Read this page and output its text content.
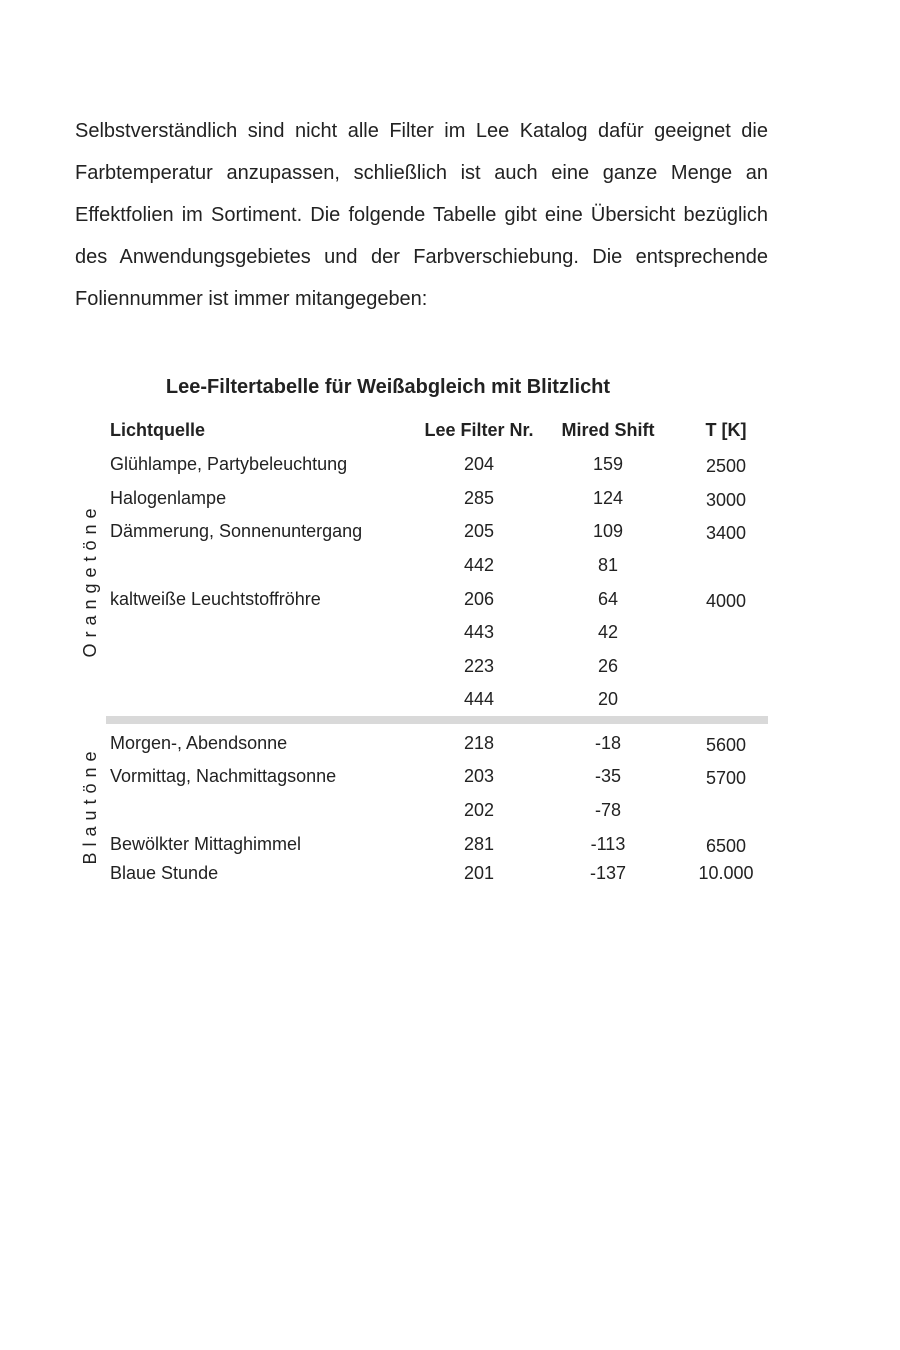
Selbstverständlich sind nicht alle Filter im Lee Katalog dafür geeignet die Farbtemperatur anzupassen, schließlich ist auch eine ganze Menge an Effektfolien im Sortiment. Die folgende Tabelle gibt eine Übersicht bezüglich des Anwendungsgebietes und der Farbverschiebung. Die entsprechende Foliennummer ist immer mitangegeben:

Lee-Filtertabelle für Weißabgleich mit Blitzlicht

Lichtquelle	Lee Filter Nr.	Mired Shift	T [K]
Orangetöne
Blautöne
Glühlampe, Partybeleuchtung	204	159	2500
Halogenlampe	285	124	3000
Dämmerung, Sonnenuntergang	205	109	3400
442	81
kaltweiße Leuchtstoffröhre	206	64	4000
443	42
223	26
444	20
Morgen-, Abendsonne	218	-18	5600
Vormittag, Nachmittagsonne	203	-35	5700
202	-78
Bewölkter Mittaghimmel	281	-113	6500
Blaue Stunde	201	-137	10.000
